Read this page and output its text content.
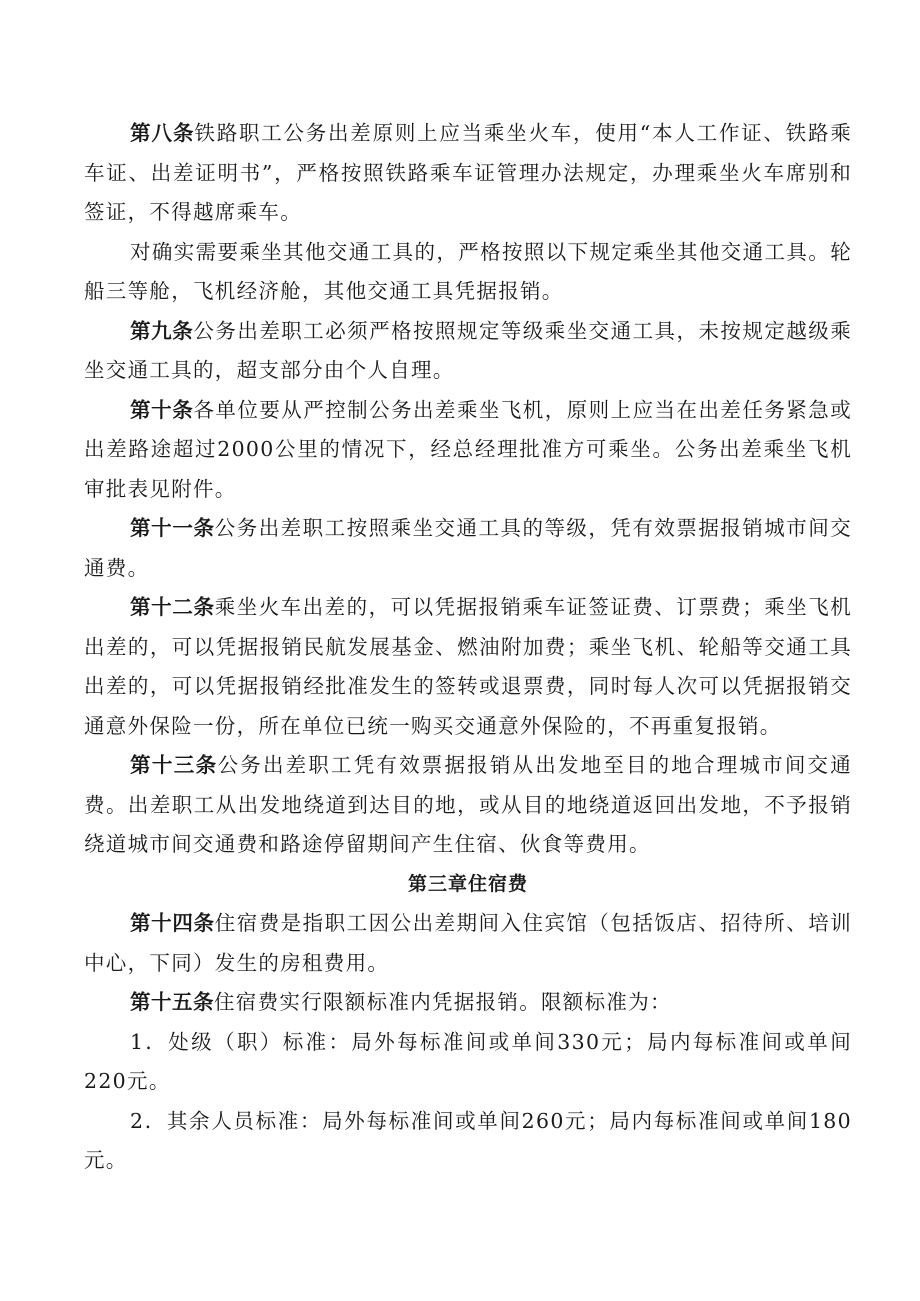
第八条铁路职工公务出差原则上应当乘坐火车，使用“本人工作证、铁路乘车证、出差证明书”，严格按照铁路乘车证管理办法规定，办理乘坐火车席别和签证，不得越席乘车。

对确实需要乘坐其他交通工具的，严格按照以下规定乘坐其他交通工具。轮船三等舱，飞机经济舱，其他交通工具凭据报销。

第九条公务出差职工必须严格按照规定等级乘坐交通工具，未按规定越级乘坐交通工具的，超支部分由个人自理。

第十条各单位要从严控制公务出差乘坐飞机，原则上应当在出差任务紧急或出差路途超过2000公里的情况下，经总经理批准方可乘坐。公务出差乘坐飞机审批表见附件。

第十一条公务出差职工按照乘坐交通工具的等级，凭有效票据报销城市间交通费。

第十二条乘坐火车出差的，可以凭据报销乘车证签证费、订票费；乘坐飞机出差的，可以凭据报销民航发展基金、燃油附加费；乘坐飞机、轮船等交通工具出差的，可以凭据报销经批准发生的签转或退票费，同时每人次可以凭据报销交通意外保险一份，所在单位已统一购买交通意外保险的，不再重复报销。

第十三条公务出差职工凭有效票据报销从出发地至目的地合理城市间交通费。出差职工从出发地绕道到达目的地，或从目的地绕道返回出发地，不予报销绕道城市间交通费和路途停留期间产生住宿、伙食等费用。

第三章住宿费

第十四条住宿费是指职工因公出差期间入住宾馆（包括饭店、招待所、培训中心，下同）发生的房租费用。

第十五条住宿费实行限额标准内凭据报销。限额标准为：

1．处级（职）标准：局外每标准间或单间330元；局内每标准间或单间220元。

2．其余人员标准：局外每标准间或单间260元；局内每标准间或单间180元。
